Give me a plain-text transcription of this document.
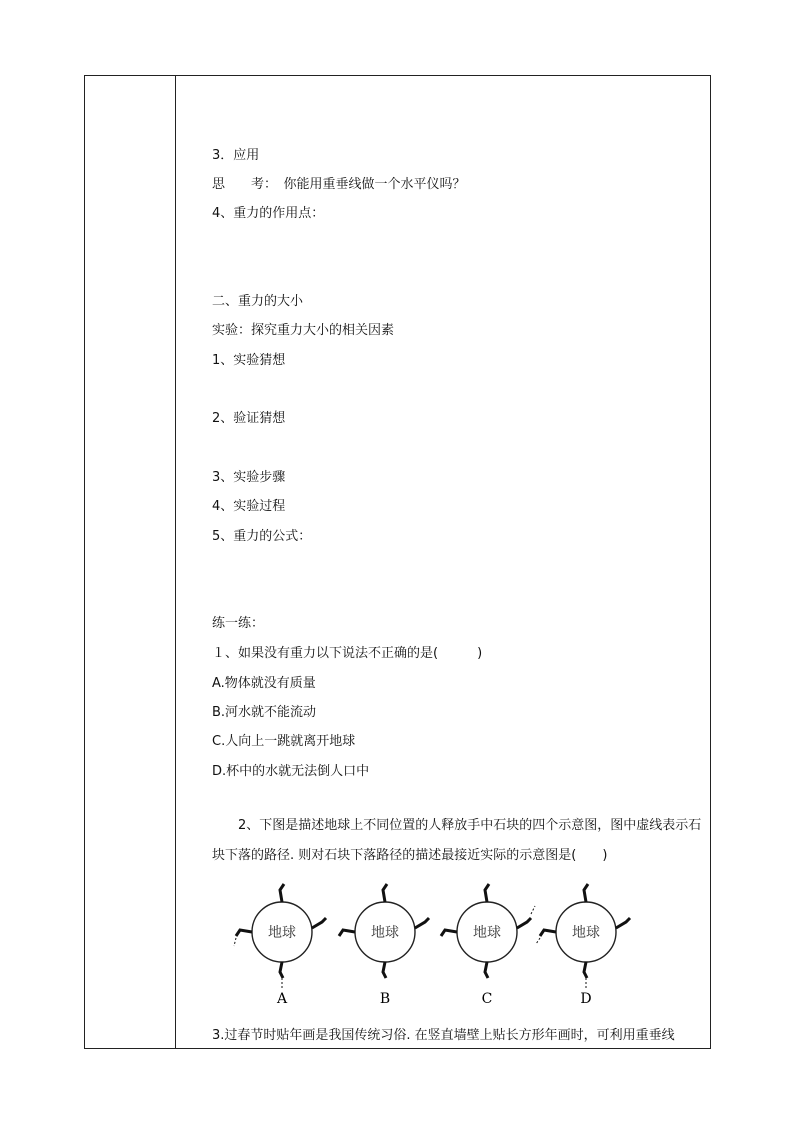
3．应用
思　　考：　你能用重垂线做一个水平仪吗？
4、重力的作用点：
二、重力的大小
实验：探究重力大小的相关因素
1、实验猜想
2、验证猜想
3、实验步骤
4、实验过程
5、重力的公式：
练一练：
１、如果没有重力以下说法不正确的是(　　　)
A.物体就没有质量
B.河水就不能流动
C.人向上一跳就离开地球
D.杯中的水就无法倒人口中
2、下图是描述地球上不同位置的人释放手中石块的四个示意图，图中虚线表示石块下落的路径. 则对石块下落路径的描述最接近实际的示意图是(　　)
地球
A
地球
B
地球
C
地球
D
3.过春节时贴年画是我国传统习俗. 在竖直墙壁上贴长方形年画时，可利用重垂线
